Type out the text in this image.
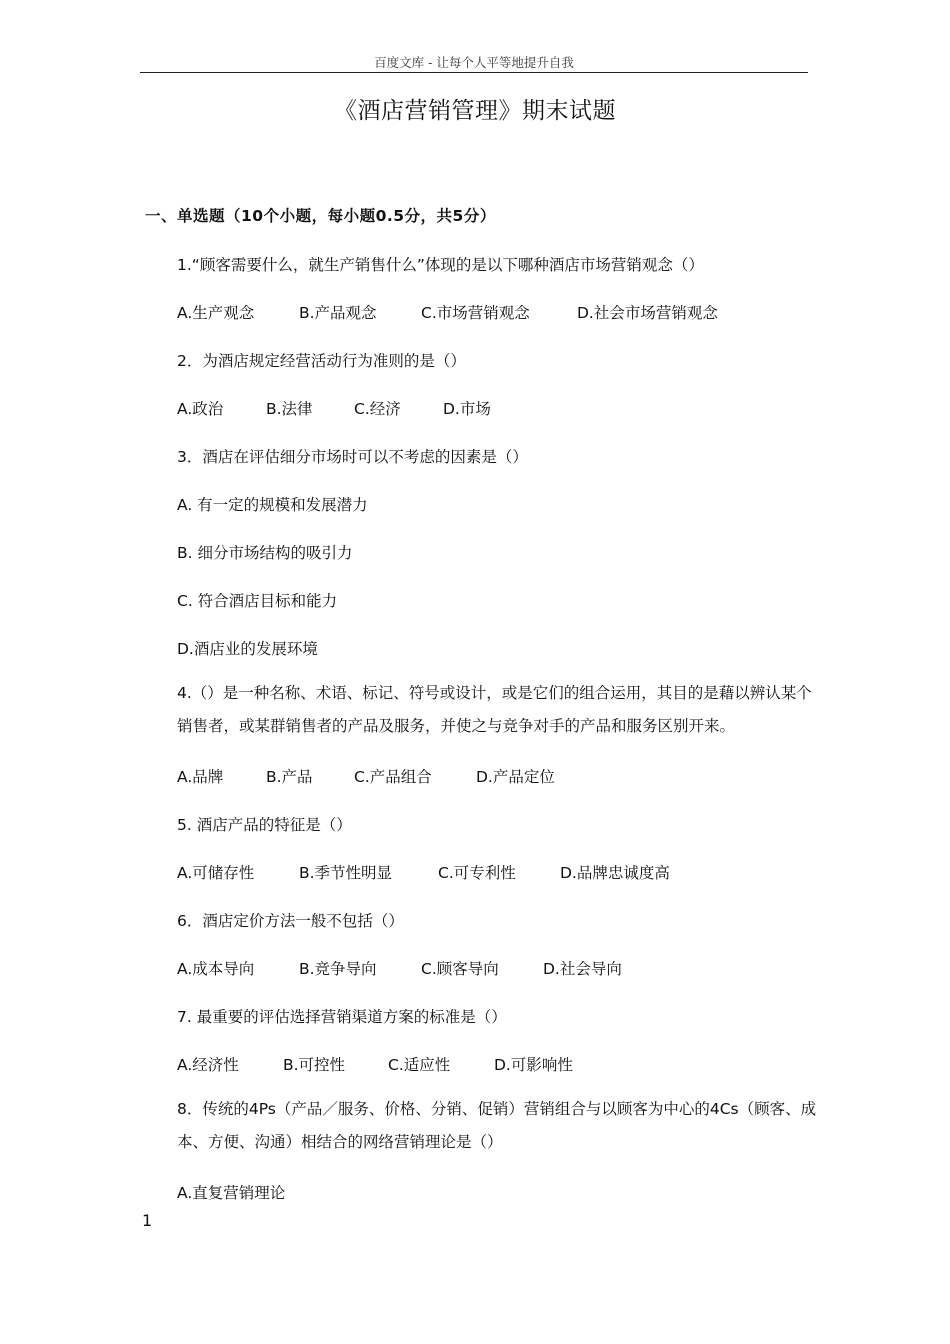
百度文库 - 让每个人平等地提升自我
《酒店营销管理》期末试题
一、单选题（10个小题，每小题0.5分，共5分）
1.“顾客需要什么，就生产销售什么”体现的是以下哪种酒店市场营销观念（）
A.生产观念	B.产品观念	C.市场营销观念	D.社会市场营销观念
2．为酒店规定经营活动行为准则的是（）
A.政治	B.法律	C.经济	D.市场
3．酒店在评估细分市场时可以不考虑的因素是（）
A. 有一定的规模和发展潜力
B. 细分市场结构的吸引力
C. 符合酒店目标和能力
D.酒店业的发展环境
4.（）是一种名称、术语、标记、符号或设计，或是它们的组合运用，其目的是藉以辨认某个销售者，或某群销售者的产品及服务，并使之与竞争对手的产品和服务区别开来。
A.品牌	B.产品	C.产品组合	D.产品定位
5. 酒店产品的特征是（）
A.可储存性	B.季节性明显	C.可专利性	D.品牌忠诚度高
6．酒店定价方法一般不包括（）
A.成本导向	B.竞争导向	C.顾客导向	D.社会导向
7. 最重要的评估选择营销渠道方案的标准是（）
A.经济性	B.可控性	C.适应性	D.可影响性
8．传统的4Ps（产品／服务、价格、分销、促销）营销组合与以顾客为中心的4Cs（顾客、成本、方便、沟通）相结合的网络营销理论是（）
A.直复营销理论
1
